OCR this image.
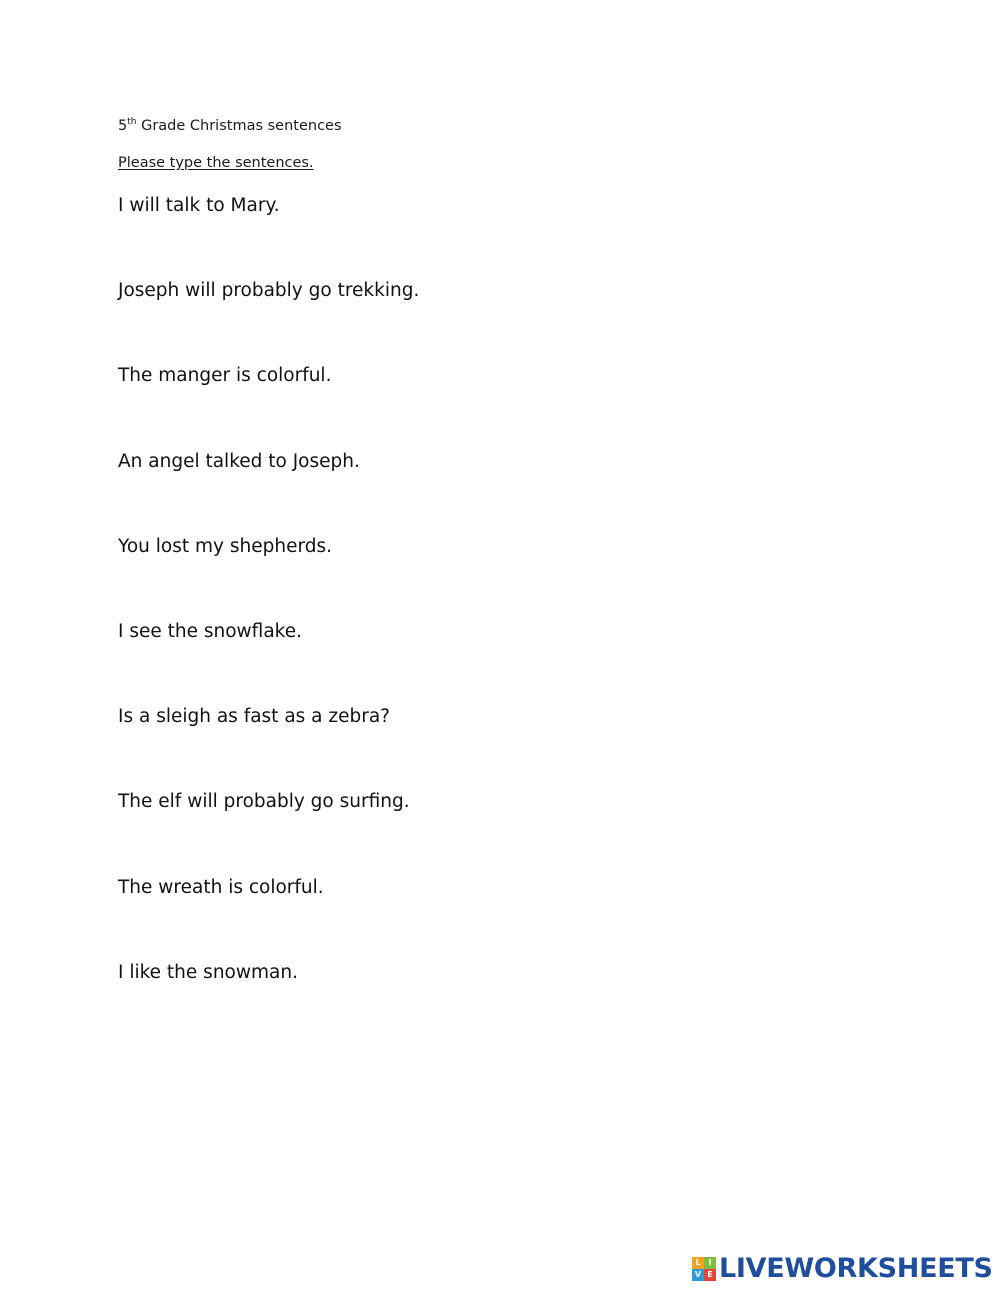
5th Grade Christmas sentences
Please type the sentences.
I will talk to Mary.
Joseph will probably go trekking.
The manger is colorful.
An angel talked to Joseph.
You lost my shepherds.
I see the snowflake.
Is a sleigh as fast as a zebra?
The elf will probably go surfing.
The wreath is colorful.
I like the snowman.
L I
V E LIVEWORKSHEETS
